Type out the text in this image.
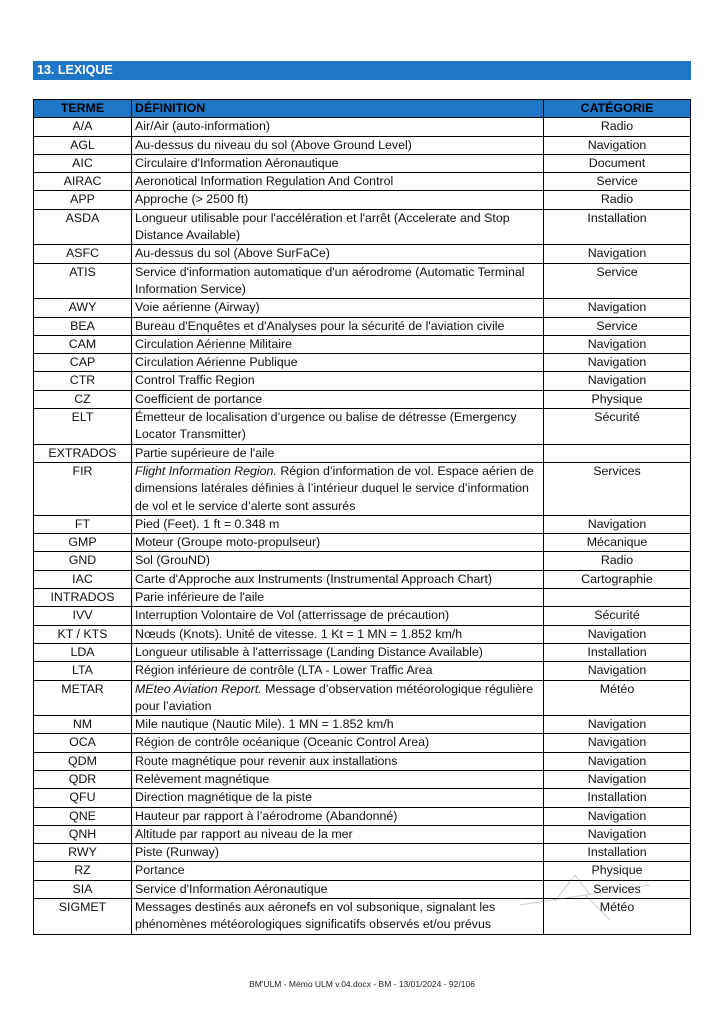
13. LEXIQUE
TERME	DÉFINITION	CATÉGORIE
A/A	Air/Air (auto-information)	Radio
AGL	Au-dessus du niveau du sol (Above Ground Level)	Navigation
AIC	Circulaire d'Information Aéronautique	Document
AIRAC	Aeronotical Information Regulation And Control	Service
APP	Approche (> 2500 ft)	Radio
ASDA	Longueur utilisable pour l'accélération et l'arrêt (Accelerate and Stop Distance Available)	Installation
ASFC	Au-dessus du sol (Above SurFaCe)	Navigation
ATIS	Service d'information automatique d'un aérodrome (Automatic Terminal Information Service)	Service
AWY	Voie aérienne (Airway)	Navigation
BEA	Bureau d'Enquêtes et d'Analyses pour la sécurité de l'aviation civile	Service
CAM	Circulation Aérienne Militaire	Navigation
CAP	Circulation Aérienne Publique	Navigation
CTR	Control Traffic Region	Navigation
CZ	Coefficient de portance	Physique
ELT	Émetteur de localisation d’urgence ou balise de détresse (Emergency Locator Transmitter)	Sécurité
EXTRADOS	Partie supérieure de l'aile	
FIR	Flight Information Region. Région d’information de vol. Espace aérien de dimensions latérales définies à l’intérieur duquel le service d’information de vol et le service d’alerte sont assurés	Services
FT	Pied (Feet). 1 ft = 0.348 m	Navigation
GMP	Moteur (Groupe moto-propulseur)	Mécanique
GND	Sol (GrouND)	Radio
IAC	Carte d'Approche aux Instruments (Instrumental Approach Chart)	Cartographie
INTRADOS	Parie inférieure de l'aile	
IVV	Interruption Volontaire de Vol (atterrissage de précaution)	Sécurité
KT / KTS	Nœuds (Knots). Unité de vitesse. 1 Kt = 1 MN = 1.852 km/h	Navigation
LDA	Longueur utilisable à l'atterrissage (Landing Distance Available)	Installation
LTA	Région inférieure de contrôle (LTA - Lower Traffic Area	Navigation
METAR	MEteo Aviation Report. Message d’observation météorologique régulière pour l’aviation	Météo
NM	Mile nautique (Nautic Mile). 1 MN = 1.852 km/h	Navigation
OCA	Région de contrôle océanique (Oceanic Control Area)	Navigation
QDM	Route magnétique pour revenir aux installations	Navigation
QDR	Relèvement magnétique	Navigation
QFU	Direction magnétique de la piste	Installation
QNE	Hauteur par rapport à l’aérodrome (Abandonné)	Navigation
QNH	Altitude par rapport au niveau de la mer	Navigation
RWY	Piste (Runway)	Installation
RZ	Portance	Physique
SIA	Service d'Information Aéronautique	Services
SIGMET	Messages destinés aux aéronefs en vol subsonique, signalant les phénomènes météorologiques significatifs observés et/ou prévus	Météo
BM'ULM - Mémo ULM v.04.docx - BM - 13/01/2024 - 92/106
